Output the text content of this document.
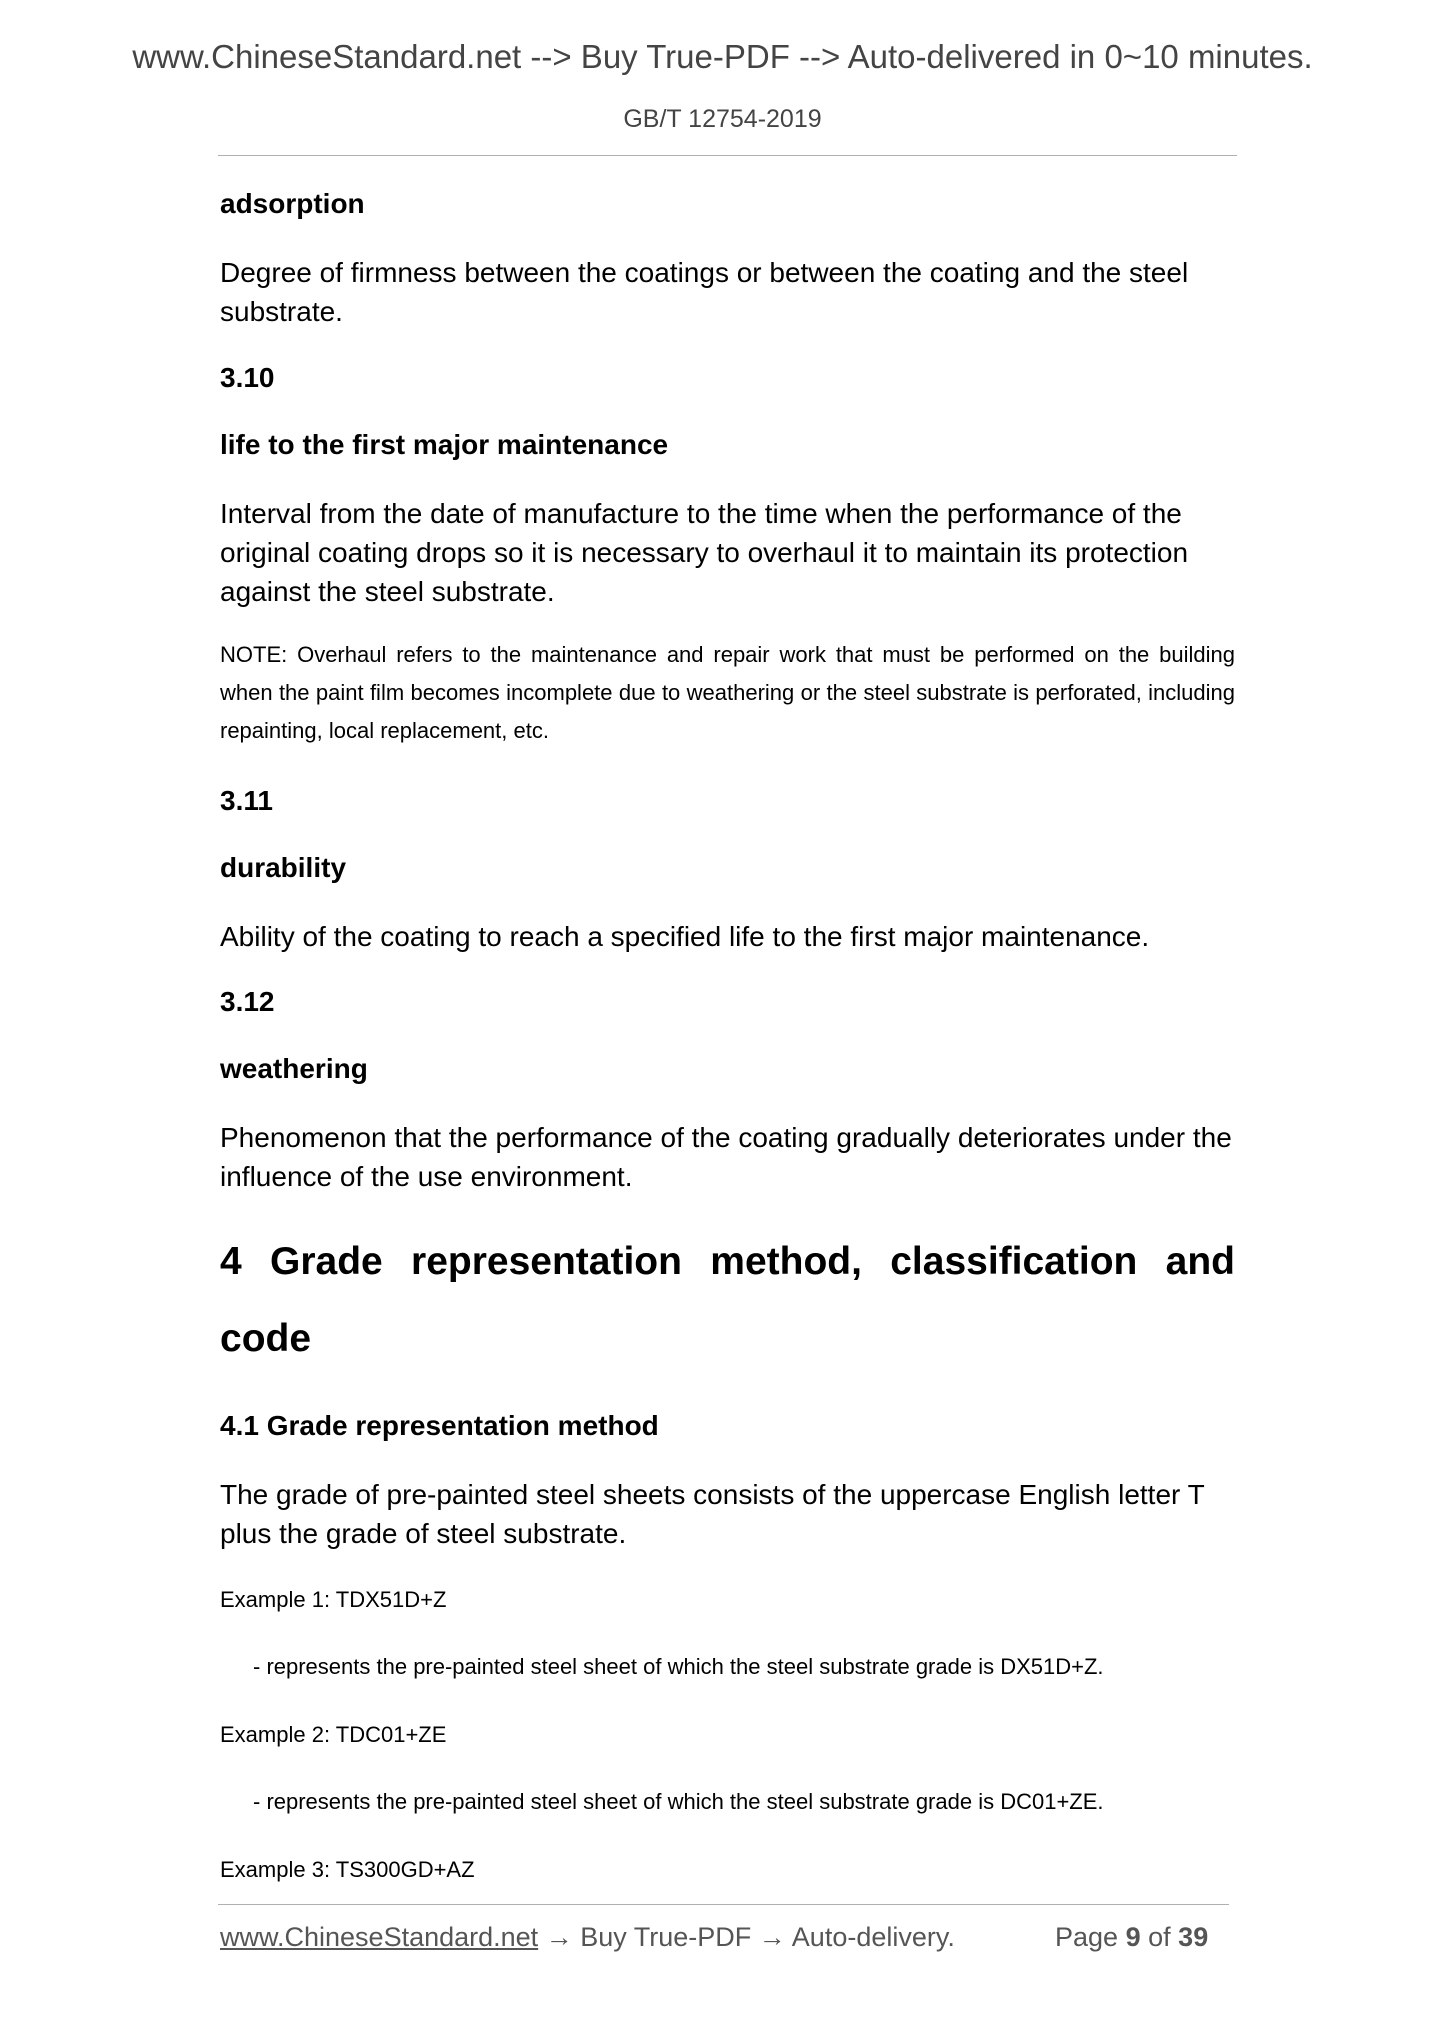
www.ChineseStandard.net --> Buy True-PDF --> Auto-delivered in 0~10 minutes.
GB/T 12754-2019
adsorption
Degree of firmness between the coatings or between the coating and the steel substrate.
3.10
life to the first major maintenance
Interval from the date of manufacture to the time when the performance of the original coating drops so it is necessary to overhaul it to maintain its protection against the steel substrate.
NOTE: Overhaul refers to the maintenance and repair work that must be performed on the building when the paint film becomes incomplete due to weathering or the steel substrate is perforated, including repainting, local replacement, etc.
3.11
durability
Ability of the coating to reach a specified life to the first major maintenance.
3.12
weathering
Phenomenon that the performance of the coating gradually deteriorates under the influence of the use environment.
4 Grade representation method, classification and code
4.1 Grade representation method
The grade of pre-painted steel sheets consists of the uppercase English letter T plus the grade of steel substrate.
Example 1: TDX51D+Z
- represents the pre-painted steel sheet of which the steel substrate grade is DX51D+Z.
Example 2: TDC01+ZE
- represents the pre-painted steel sheet of which the steel substrate grade is DC01+ZE.
Example 3: TS300GD+AZ
www.ChineseStandard.net → Buy True-PDF → Auto-delivery.	Page 9 of 39
